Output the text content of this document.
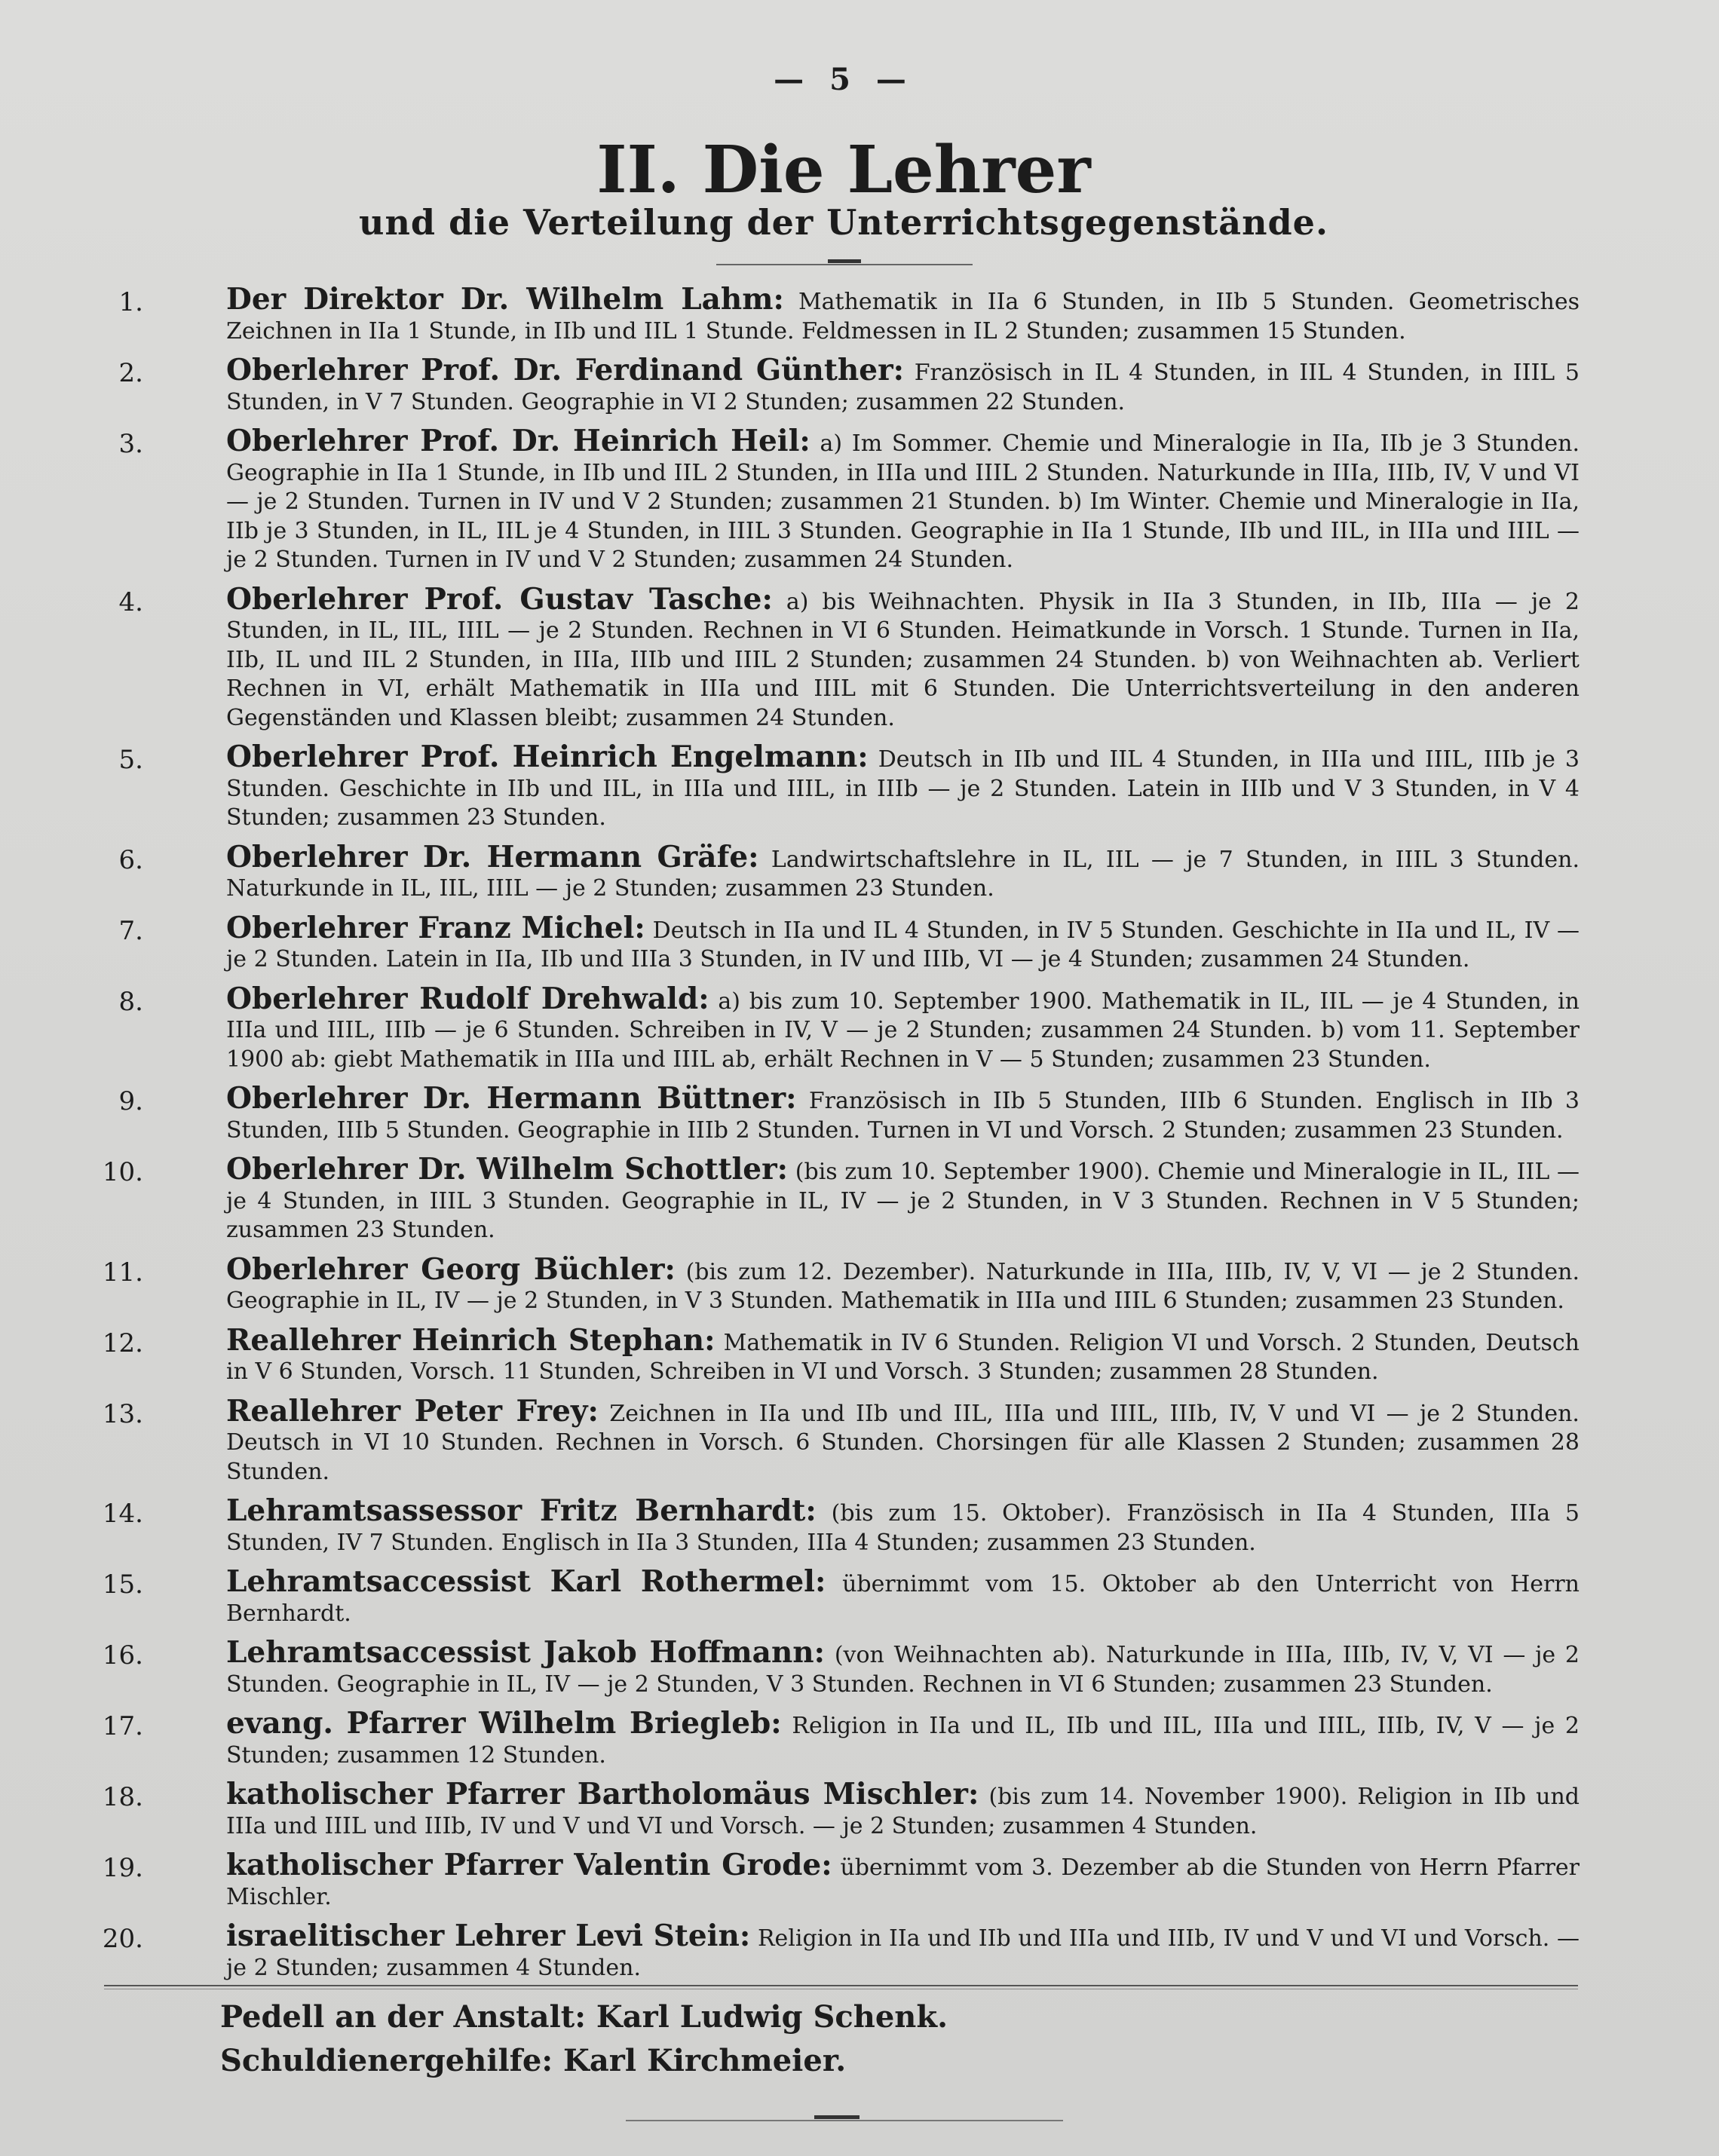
— 5 —
II. Die Lehrer
und die Verteilung der Unterrichtsgegenstände.
1.	Der Direktor Dr. Wilhelm Lahm: Mathematik in IIa 6 Stunden, in IIb 5 Stunden. Geometrisches Zeichnen in IIa 1 Stunde, in IIb und IIL 1 Stunde. Feldmessen in IL 2 Stunden; zusammen 15 Stunden.
2.	Oberlehrer Prof. Dr. Ferdinand Günther: Französisch in IL 4 Stunden, in IIL 4 Stunden, in IIIL 5 Stunden, in V 7 Stunden. Geographie in VI 2 Stunden; zusammen 22 Stunden.
3.	Oberlehrer Prof. Dr. Heinrich Heil: a) Im Sommer. Chemie und Mineralogie in IIa, IIb je 3 Stunden. Geographie in IIa 1 Stunde, in IIb und IIL 2 Stunden, in IIIa und IIIL 2 Stunden. Naturkunde in IIIa, IIIb, IV, V und VI — je 2 Stunden. Turnen in IV und V 2 Stunden; zusammen 21 Stunden. b) Im Winter. Chemie und Mineralogie in IIa, IIb je 3 Stunden, in IL, IIL je 4 Stunden, in IIIL 3 Stunden. Geographie in IIa 1 Stunde, IIb und IIL, in IIIa und IIIL — je 2 Stunden. Turnen in IV und V 2 Stunden; zusammen 24 Stunden.
4.	Oberlehrer Prof. Gustav Tasche: a) bis Weihnachten. Physik in IIa 3 Stunden, in IIb, IIIa — je 2 Stunden, in IL, IIL, IIIL — je 2 Stunden. Rechnen in VI 6 Stunden. Heimatkunde in Vorsch. 1 Stunde. Turnen in IIa, IIb, IL und IIL 2 Stunden, in IIIa, IIIb und IIIL 2 Stunden; zusammen 24 Stunden. b) von Weihnachten ab. Verliert Rechnen in VI, erhält Mathematik in IIIa und IIIL mit 6 Stunden. Die Unterrichtsverteilung in den anderen Gegenständen und Klassen bleibt; zusammen 24 Stunden.
5.	Oberlehrer Prof. Heinrich Engelmann: Deutsch in IIb und IIL 4 Stunden, in IIIa und IIIL, IIIb je 3 Stunden. Geschichte in IIb und IIL, in IIIa und IIIL, in IIIb — je 2 Stunden. Latein in IIIb und V 3 Stunden, in V 4 Stunden; zusammen 23 Stunden.
6.	Oberlehrer Dr. Hermann Gräfe: Landwirtschaftslehre in IL, IIL — je 7 Stunden, in IIIL 3 Stunden. Naturkunde in IL, IIL, IIIL — je 2 Stunden; zusammen 23 Stunden.
7.	Oberlehrer Franz Michel: Deutsch in IIa und IL 4 Stunden, in IV 5 Stunden. Geschichte in IIa und IL, IV — je 2 Stunden. Latein in IIa, IIb und IIIa 3 Stunden, in IV und IIIb, VI — je 4 Stunden; zusammen 24 Stunden.
8.	Oberlehrer Rudolf Drehwald: a) bis zum 10. September 1900. Mathematik in IL, IIL — je 4 Stunden, in IIIa und IIIL, IIIb — je 6 Stunden. Schreiben in IV, V — je 2 Stunden; zusammen 24 Stunden. b) vom 11. September 1900 ab: giebt Mathematik in IIIa und IIIL ab, erhält Rechnen in V — 5 Stunden; zusammen 23 Stunden.
9.	Oberlehrer Dr. Hermann Büttner: Französisch in IIb 5 Stunden, IIIb 6 Stunden. Englisch in IIb 3 Stunden, IIIb 5 Stunden. Geographie in IIIb 2 Stunden. Turnen in VI und Vorsch. 2 Stunden; zusammen 23 Stunden.
10.	Oberlehrer Dr. Wilhelm Schottler: (bis zum 10. September 1900). Chemie und Mineralogie in IL, IIL — je 4 Stunden, in IIIL 3 Stunden. Geographie in IL, IV — je 2 Stunden, in V 3 Stunden. Rechnen in V 5 Stunden; zusammen 23 Stunden.
11.	Oberlehrer Georg Büchler: (bis zum 12. Dezember). Naturkunde in IIIa, IIIb, IV, V, VI — je 2 Stunden. Geographie in IL, IV — je 2 Stunden, in V 3 Stunden. Mathematik in IIIa und IIIL 6 Stunden; zusammen 23 Stunden.
12.	Reallehrer Heinrich Stephan: Mathematik in IV 6 Stunden. Religion VI und Vorsch. 2 Stunden, Deutsch in V 6 Stunden, Vorsch. 11 Stunden, Schreiben in VI und Vorsch. 3 Stunden; zusammen 28 Stunden.
13.	Reallehrer Peter Frey: Zeichnen in IIa und IIb und IIL, IIIa und IIIL, IIIb, IV, V und VI — je 2 Stunden. Deutsch in VI 10 Stunden. Rechnen in Vorsch. 6 Stunden. Chorsingen für alle Klassen 2 Stunden; zusammen 28 Stunden.
14.	Lehramtsassessor Fritz Bernhardt: (bis zum 15. Oktober). Französisch in IIa 4 Stunden, IIIa 5 Stunden, IV 7 Stunden. Englisch in IIa 3 Stunden, IIIa 4 Stunden; zusammen 23 Stunden.
15.	Lehramtsaccessist Karl Rothermel: übernimmt vom 15. Oktober ab den Unterricht von Herrn Bernhardt.
16.	Lehramtsaccessist Jakob Hoffmann: (von Weihnachten ab). Naturkunde in IIIa, IIIb, IV, V, VI — je 2 Stunden. Geographie in IL, IV — je 2 Stunden, V 3 Stunden. Rechnen in VI 6 Stunden; zusammen 23 Stunden.
17.	evang. Pfarrer Wilhelm Briegleb: Religion in IIa und IL, IIb und IIL, IIIa und IIIL, IIIb, IV, V — je 2 Stunden; zusammen 12 Stunden.
18.	katholischer Pfarrer Bartholomäus Mischler: (bis zum 14. November 1900). Religion in IIb und IIIa und IIIL und IIIb, IV und V und VI und Vorsch. — je 2 Stunden; zusammen 4 Stunden.
19.	katholischer Pfarrer Valentin Grode: übernimmt vom 3. Dezember ab die Stunden von Herrn Pfarrer Mischler.
20.	israelitischer Lehrer Levi Stein: Religion in IIa und IIb und IIIa und IIIb, IV und V und VI und Vorsch. — je 2 Stunden; zusammen 4 Stunden.
Pedell an der Anstalt: Karl Ludwig Schenk.
Schuldienergehilfe: Karl Kirchmeier.
